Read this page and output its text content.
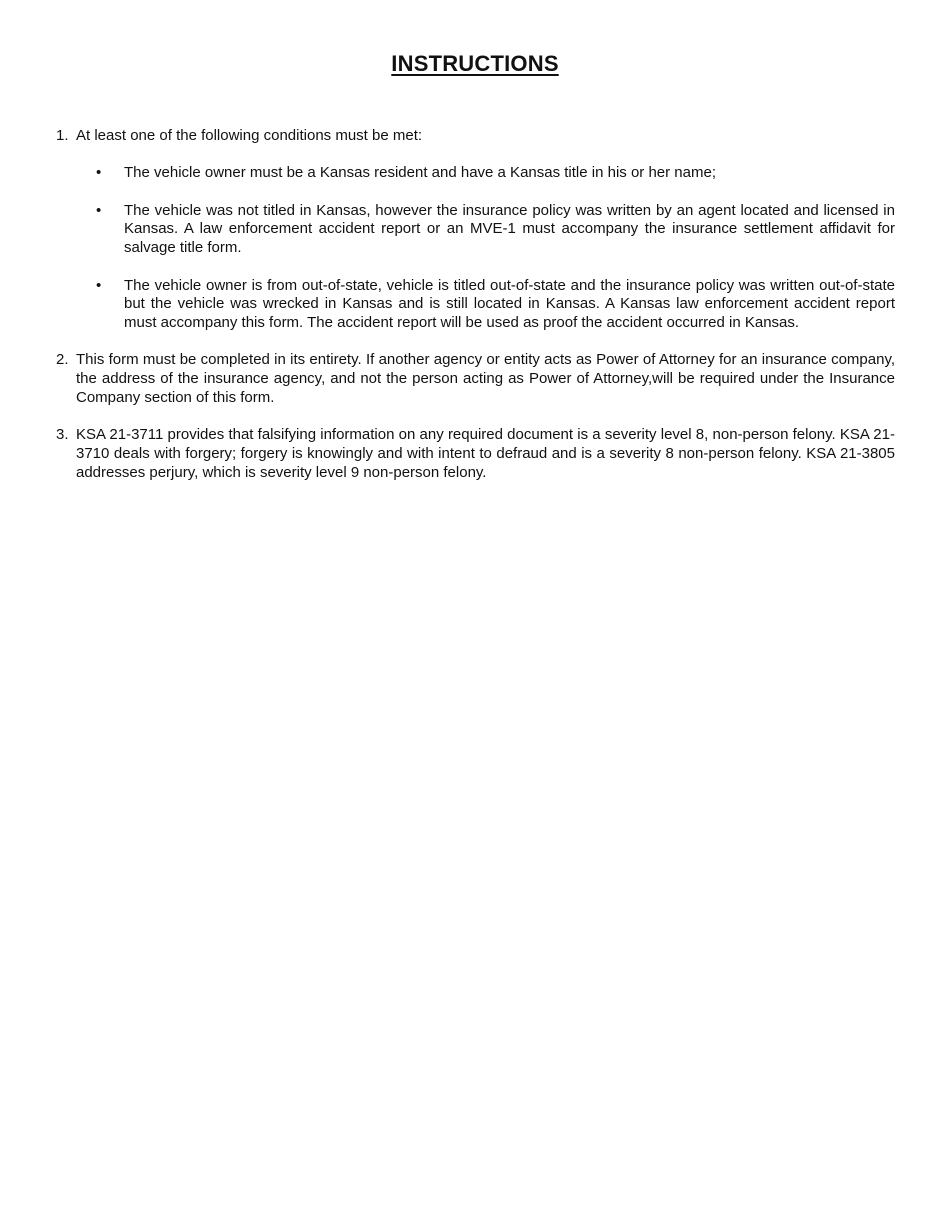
INSTRUCTIONS
1. At least one of the following conditions must be met:
• The vehicle owner must be a Kansas resident and have a Kansas title in his or her name;
• The vehicle was not titled in Kansas, however the insurance policy was written by an agent located and licensed in Kansas. A law enforcement accident report or an MVE-1 must accompany the insurance settlement affidavit for salvage title form.
• The vehicle owner is from out-of-state, vehicle is titled out-of-state and the insurance policy was written out-of-state but the vehicle was wrecked in Kansas and is still located in Kansas. A Kansas law enforcement accident report must accompany this form. The accident report will be used as proof the accident occurred in Kansas.
2. This form must be completed in its entirety. If another agency or entity acts as Power of Attorney for an insurance company, the address of the insurance agency, and not the person acting as Power of Attorney,will be required under the Insurance Company section of this form.
3. KSA 21-3711 provides that falsifying information on any required document is a severity level 8, non-person felony. KSA 21-3710 deals with forgery; forgery is knowingly and with intent to defraud and is a severity 8 non-person felony. KSA 21-3805 addresses perjury, which is severity level 9 non-person felony.
